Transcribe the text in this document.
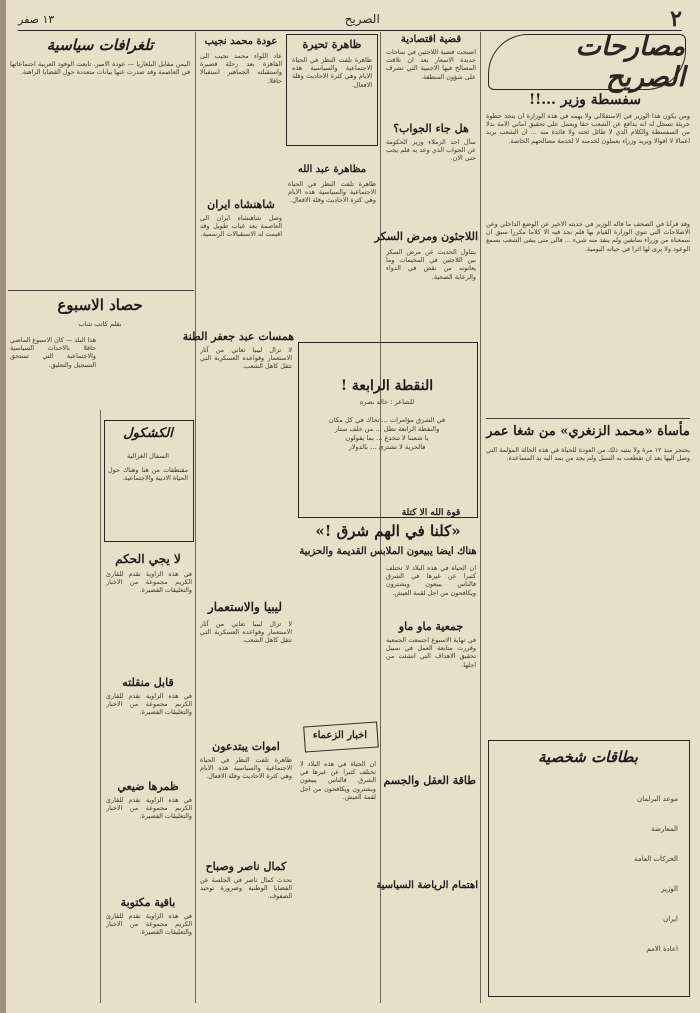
٢
الصريح
١٣ صفر
مصارحات الصريح
سفسطة وزير ...!!
ومن يكون هذا الوزير في الاستقلالي ولا يهمه في هذه الوزارة ان يتخذ خطوة جريئة تسجل له انه يدافع عن الشعب حقا ويعمل على تحقيق اماني الامة بدلا من السفسطة والكلام الذي لا طائل تحته ولا فائدة منه ... ان الشعب يريد اعمالا لا اقوالا ويريد وزراء يعملون لخدمته لا لخدمة مصالحهم الخاصة.
وقد قرأنا في الصحف ما قاله الوزير في حديثه الاخير عن الوضع الداخلي وعن الاصلاحات التي تنوي الوزارة القيام بها فلم نجد فيه الا كلاما مكررا سبق ان سمعناه من وزراء سابقين ولم ينفذ منه شيء ... فالى متى يبقى الشعب يسمع الوعود ولا يرى لها اثرا في حياته اليومية.
مأساة «محمد الزنغري» من شغا عمر
يحتجز منذ ١٢ مرة ولا ينتبه ذلك من العودة للحياة في هذه الحالة المؤلمة التي وصل اليها بعد ان تقطعت به السبل ولم يجد من يمد اليه يد المساعدة.
بطاقات شخصية
موعد البرلمان
المعارضة
الحركات العامة
الوزير
ايران
اعادة الامم
قضية اقتصادية
اصبحت قضية اللاجئين في ساحات جديدة الاسعار بعد ان تلاقت المصالح فيها الاجنبية التي تشرف على شؤون المنطقة.
هل جاء الجواب؟
سأل احد الزملاء وزير الحكومة عن الجواب الذي وعد به فلم يجب حتى الان.
اللاجئون ومرض السكر
يتناول الحديث عن مرض السكر بين اللاجئين في المخيمات وما يعانونه من نقص في الدواء والرعاية الصحية.
النقطة الرابعة !
للشاعر : خالد نصره
في الشرق مؤامرات ... تحاك في كل مكان
والنقطة الرابعة تطل ... من خلف ستار
يا شعبنا لا تنخدع ... بما يقولون
فالحرية لا تشترى ... بالدولار
«كلنا في الهم شرق !»
هناك ايضا يبيعون الملابس القديمة والحزبية
ان الحياة في هذه البلاد لا تختلف كثيرا عن غيرها في الشرق فالناس يبيعون ويشترون ويكافحون من اجل لقمة العيش.
قوة الله الا كتلة
جمعية ماو ماو
في نهاية الاسبوع اجتمعت الجمعية وقررت متابعة العمل في سبيل تحقيق الاهداف التي انشئت من اجلها.
اخبار الزعماء
طاقة العقل والجسم
اهتمام الرياضة السياسية
ان الحياة في هذه البلاد لا تختلف كثيرا عن غيرها في الشرق فالناس يبيعون ويشترون ويكافحون من اجل لقمة العيش.
ظاهرة تحيرة
ظاهرة تلفت النظر في الحياة الاجتماعية والسياسية هذه الايام وهي كثرة الاحاديث وقلة الافعال.
عودة محمد نجيب
عاد اللواء محمد نجيب الى القاهرة بعد رحلة قصيرة واستقبلته الجماهير استقبالا حافلا.
مظاهرة عبد الله
ظاهرة تلفت النظر في الحياة الاجتماعية والسياسية هذه الايام وهي كثرة الاحاديث وقلة الافعال.
شاهنشاه ايران
وصل شاهنشاه ايران الى العاصمة بعد غياب طويل وقد اقيمت له الاستقبالات الرسمية.
همسات عبد جعفر الطنة
لا تزال ليبيا تعاني من آثار الاستعمار وقواعده العسكرية التي تثقل كاهل الشعب.
ليبيا والاستعمار
لا تزال ليبيا تعاني من آثار الاستعمار وقواعده العسكرية التي تثقل كاهل الشعب.
اموات يبتدعون
ظاهرة تلفت النظر في الحياة الاجتماعية والسياسية هذه الايام وهي كثرة الاحاديث وقلة الافعال.
كمال ناصر وصباح
تحدث كمال ناصر في الجلسة عن القضايا الوطنية وضرورة توحيد الصفوف.
تلغرافات سياسية
اليمن مقابل البلغاريا — عودة الامير. تابعت الوفود العربية اجتماعاتها في العاصمة وقد صدرت عنها بيانات متعددة حول القضايا الراهنة.
حصاد الاسبوع
بقلم كاتب شاب
هذا البلد — كان الاسبوع الماضي حافلا بالاحداث السياسية والاجتماعية التي تستحق التسجيل والتعليق.
الكشكول
السفال الغزالية
مقتطفات من هنا وهناك حول الحياة الادبية والاجتماعية.
لا يجي الحكم
في هذه الزاوية نقدم للقارئ الكريم مجموعة من الاخبار والتعليقات القصيرة.
قابل منقلته
في هذه الزاوية نقدم للقارئ الكريم مجموعة من الاخبار والتعليقات القصيرة.
ظمرها ضيعي
في هذه الزاوية نقدم للقارئ الكريم مجموعة من الاخبار والتعليقات القصيرة.
باقية مكتوبة
في هذه الزاوية نقدم للقارئ الكريم مجموعة من الاخبار والتعليقات القصيرة.
